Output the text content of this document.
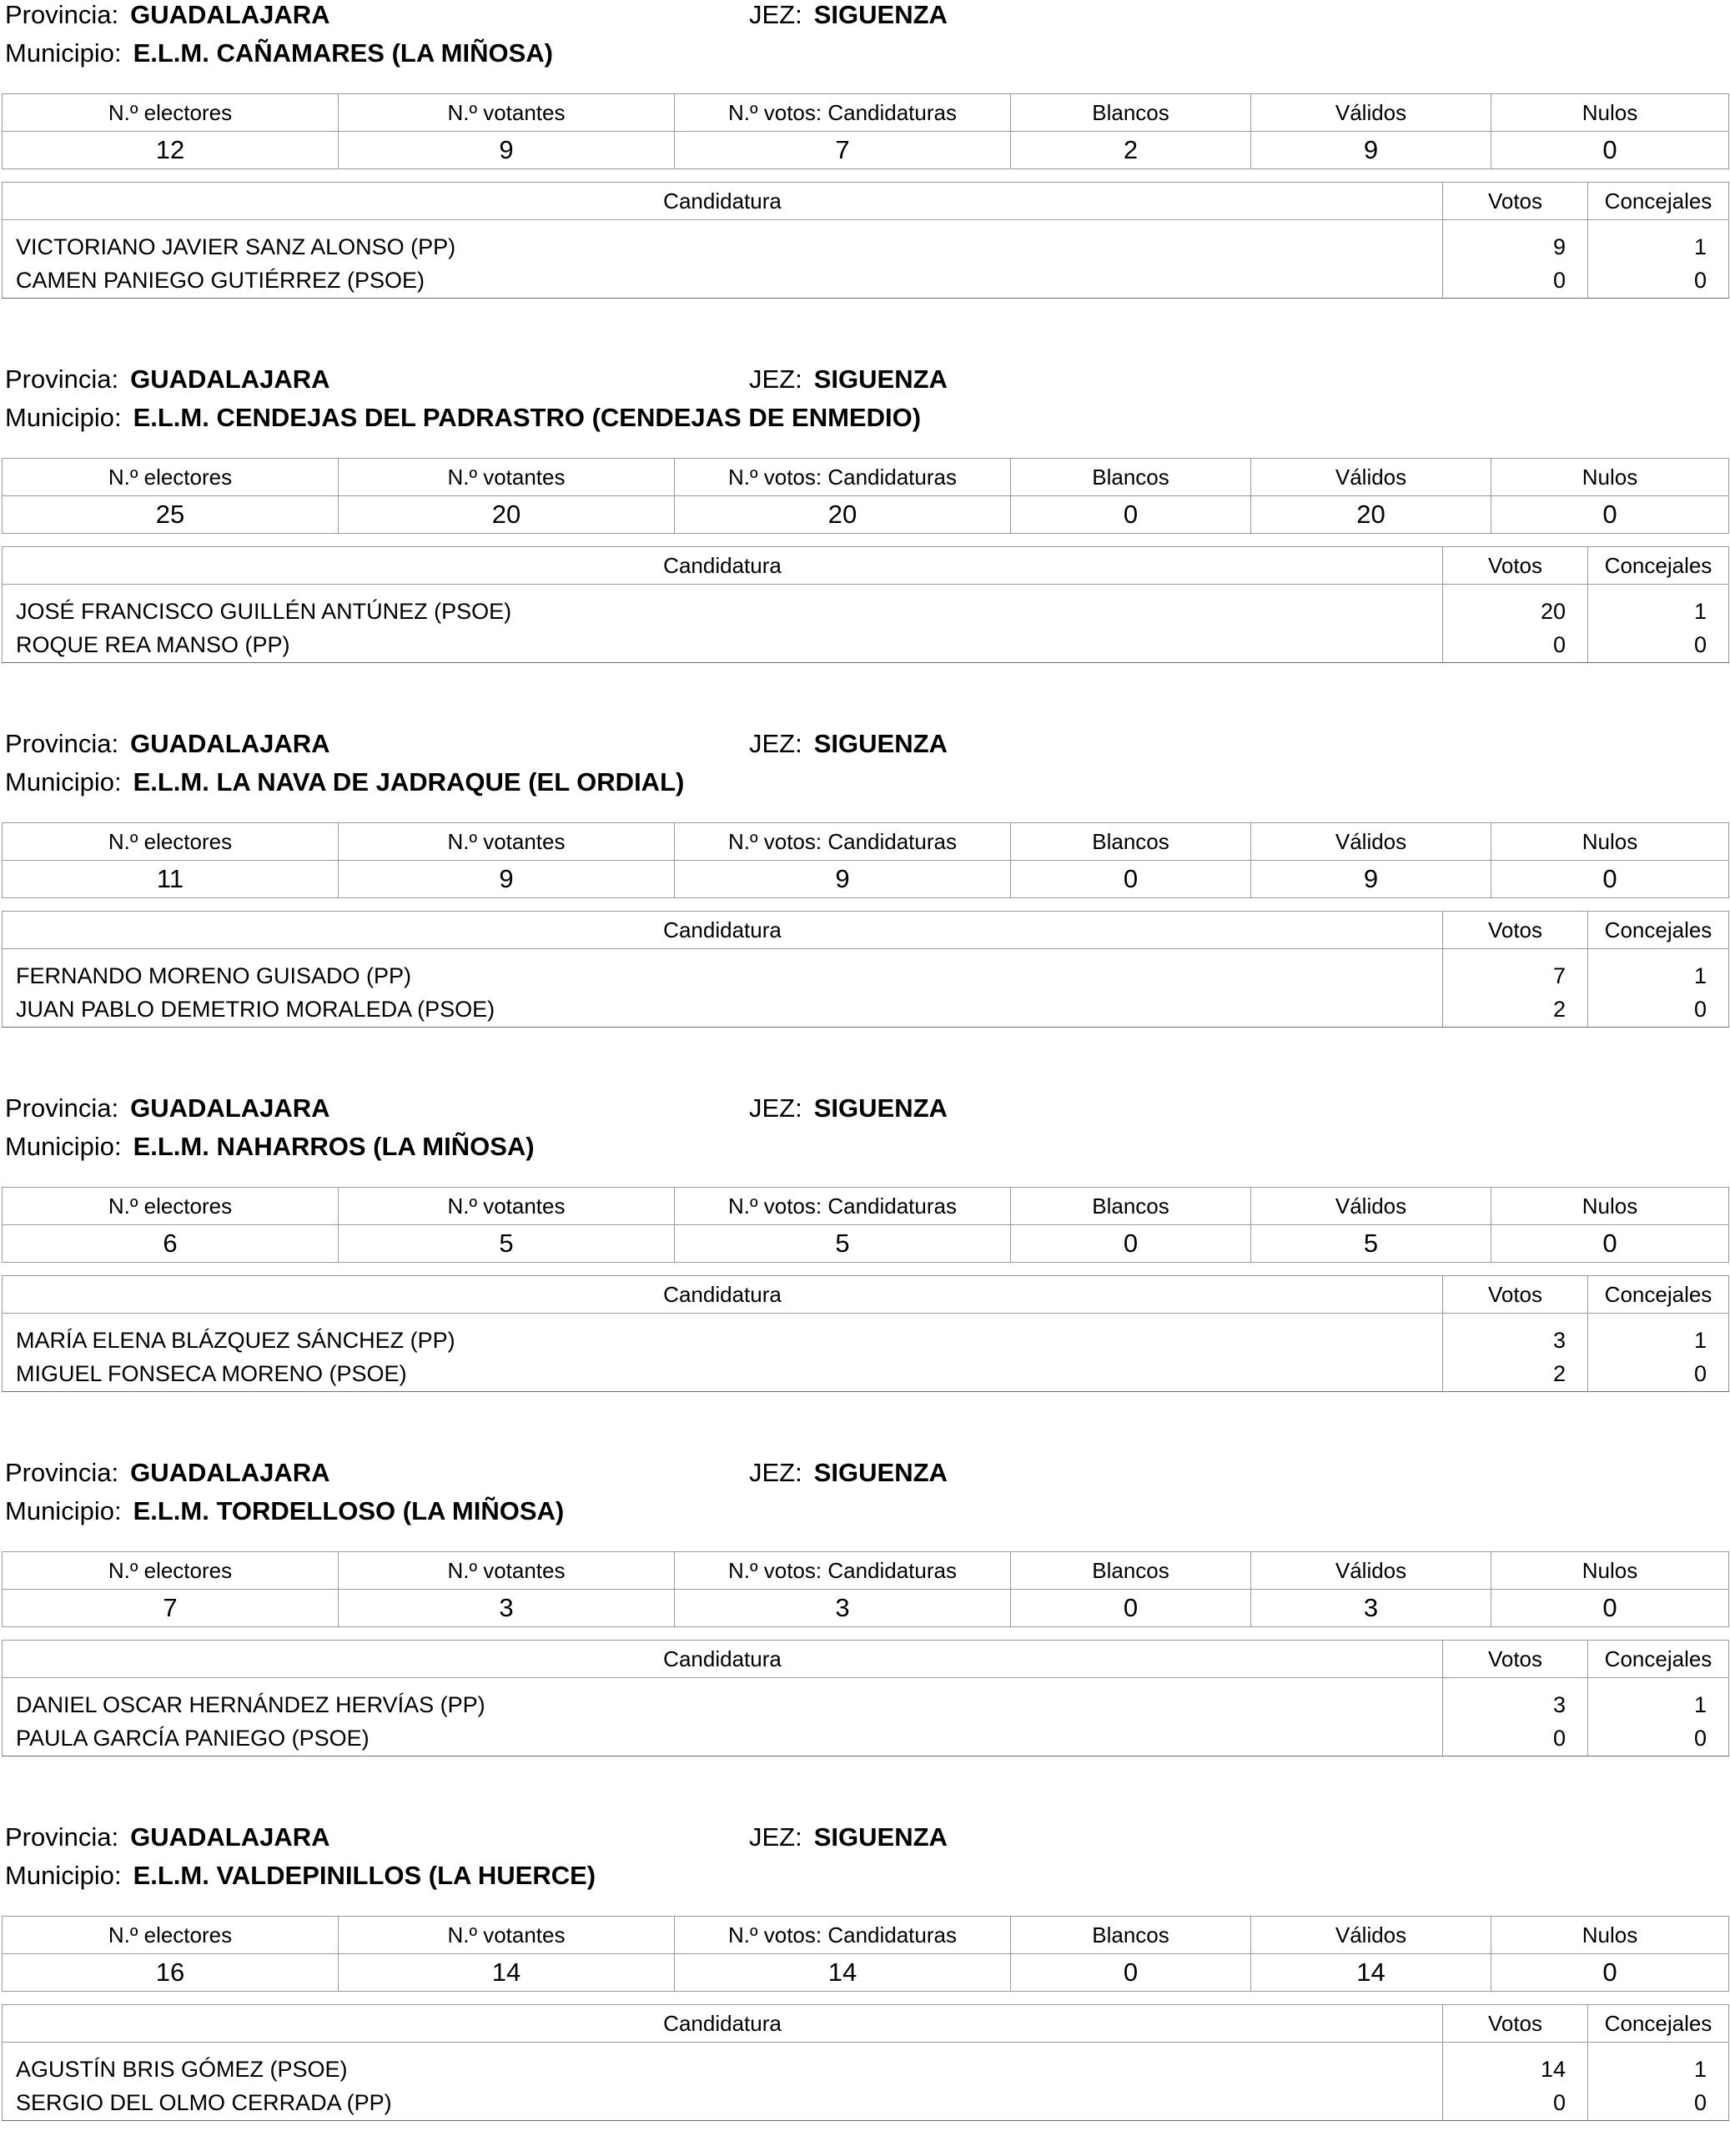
Provincia: GUADALAJARA	JEZ: SIGUENZA
Municipio: E.L.M. CAÑAMARES (LA MIÑOSA)
N.º electores	N.º votantes	N.º votos: Candidaturas	Blancos	Válidos	Nulos
12	9	7	2	9	0
Candidatura	Votos	Concejales
VICTORIANO JAVIER SANZ ALONSO (PP)	9	1
CAMEN PANIEGO GUTIÉRREZ (PSOE)	0	0
Provincia: GUADALAJARA	JEZ: SIGUENZA
Municipio: E.L.M. CENDEJAS DEL PADRASTRO (CENDEJAS DE ENMEDIO)
N.º electores	N.º votantes	N.º votos: Candidaturas	Blancos	Válidos	Nulos
25	20	20	0	20	0
Candidatura	Votos	Concejales
JOSÉ FRANCISCO GUILLÉN ANTÚNEZ (PSOE)	20	1
ROQUE REA MANSO (PP)	0	0
Provincia: GUADALAJARA	JEZ: SIGUENZA
Municipio: E.L.M. LA NAVA DE JADRAQUE (EL ORDIAL)
N.º electores	N.º votantes	N.º votos: Candidaturas	Blancos	Válidos	Nulos
11	9	9	0	9	0
Candidatura	Votos	Concejales
FERNANDO MORENO GUISADO (PP)	7	1
JUAN PABLO DEMETRIO MORALEDA (PSOE)	2	0
Provincia: GUADALAJARA	JEZ: SIGUENZA
Municipio: E.L.M. NAHARROS (LA MIÑOSA)
N.º electores	N.º votantes	N.º votos: Candidaturas	Blancos	Válidos	Nulos
6	5	5	0	5	0
Candidatura	Votos	Concejales
MARÍA ELENA BLÁZQUEZ SÁNCHEZ (PP)	3	1
MIGUEL FONSECA MORENO (PSOE)	2	0
Provincia: GUADALAJARA	JEZ: SIGUENZA
Municipio: E.L.M. TORDELLOSO (LA MIÑOSA)
N.º electores	N.º votantes	N.º votos: Candidaturas	Blancos	Válidos	Nulos
7	3	3	0	3	0
Candidatura	Votos	Concejales
DANIEL OSCAR HERNÁNDEZ HERVÍAS (PP)	3	1
PAULA GARCÍA PANIEGO (PSOE)	0	0
Provincia: GUADALAJARA	JEZ: SIGUENZA
Municipio: E.L.M. VALDEPINILLOS (LA HUERCE)
N.º electores	N.º votantes	N.º votos: Candidaturas	Blancos	Válidos	Nulos
16	14	14	0	14	0
Candidatura	Votos	Concejales
AGUSTÍN BRIS GÓMEZ (PSOE)	14	1
SERGIO DEL OLMO CERRADA (PP)	0	0
